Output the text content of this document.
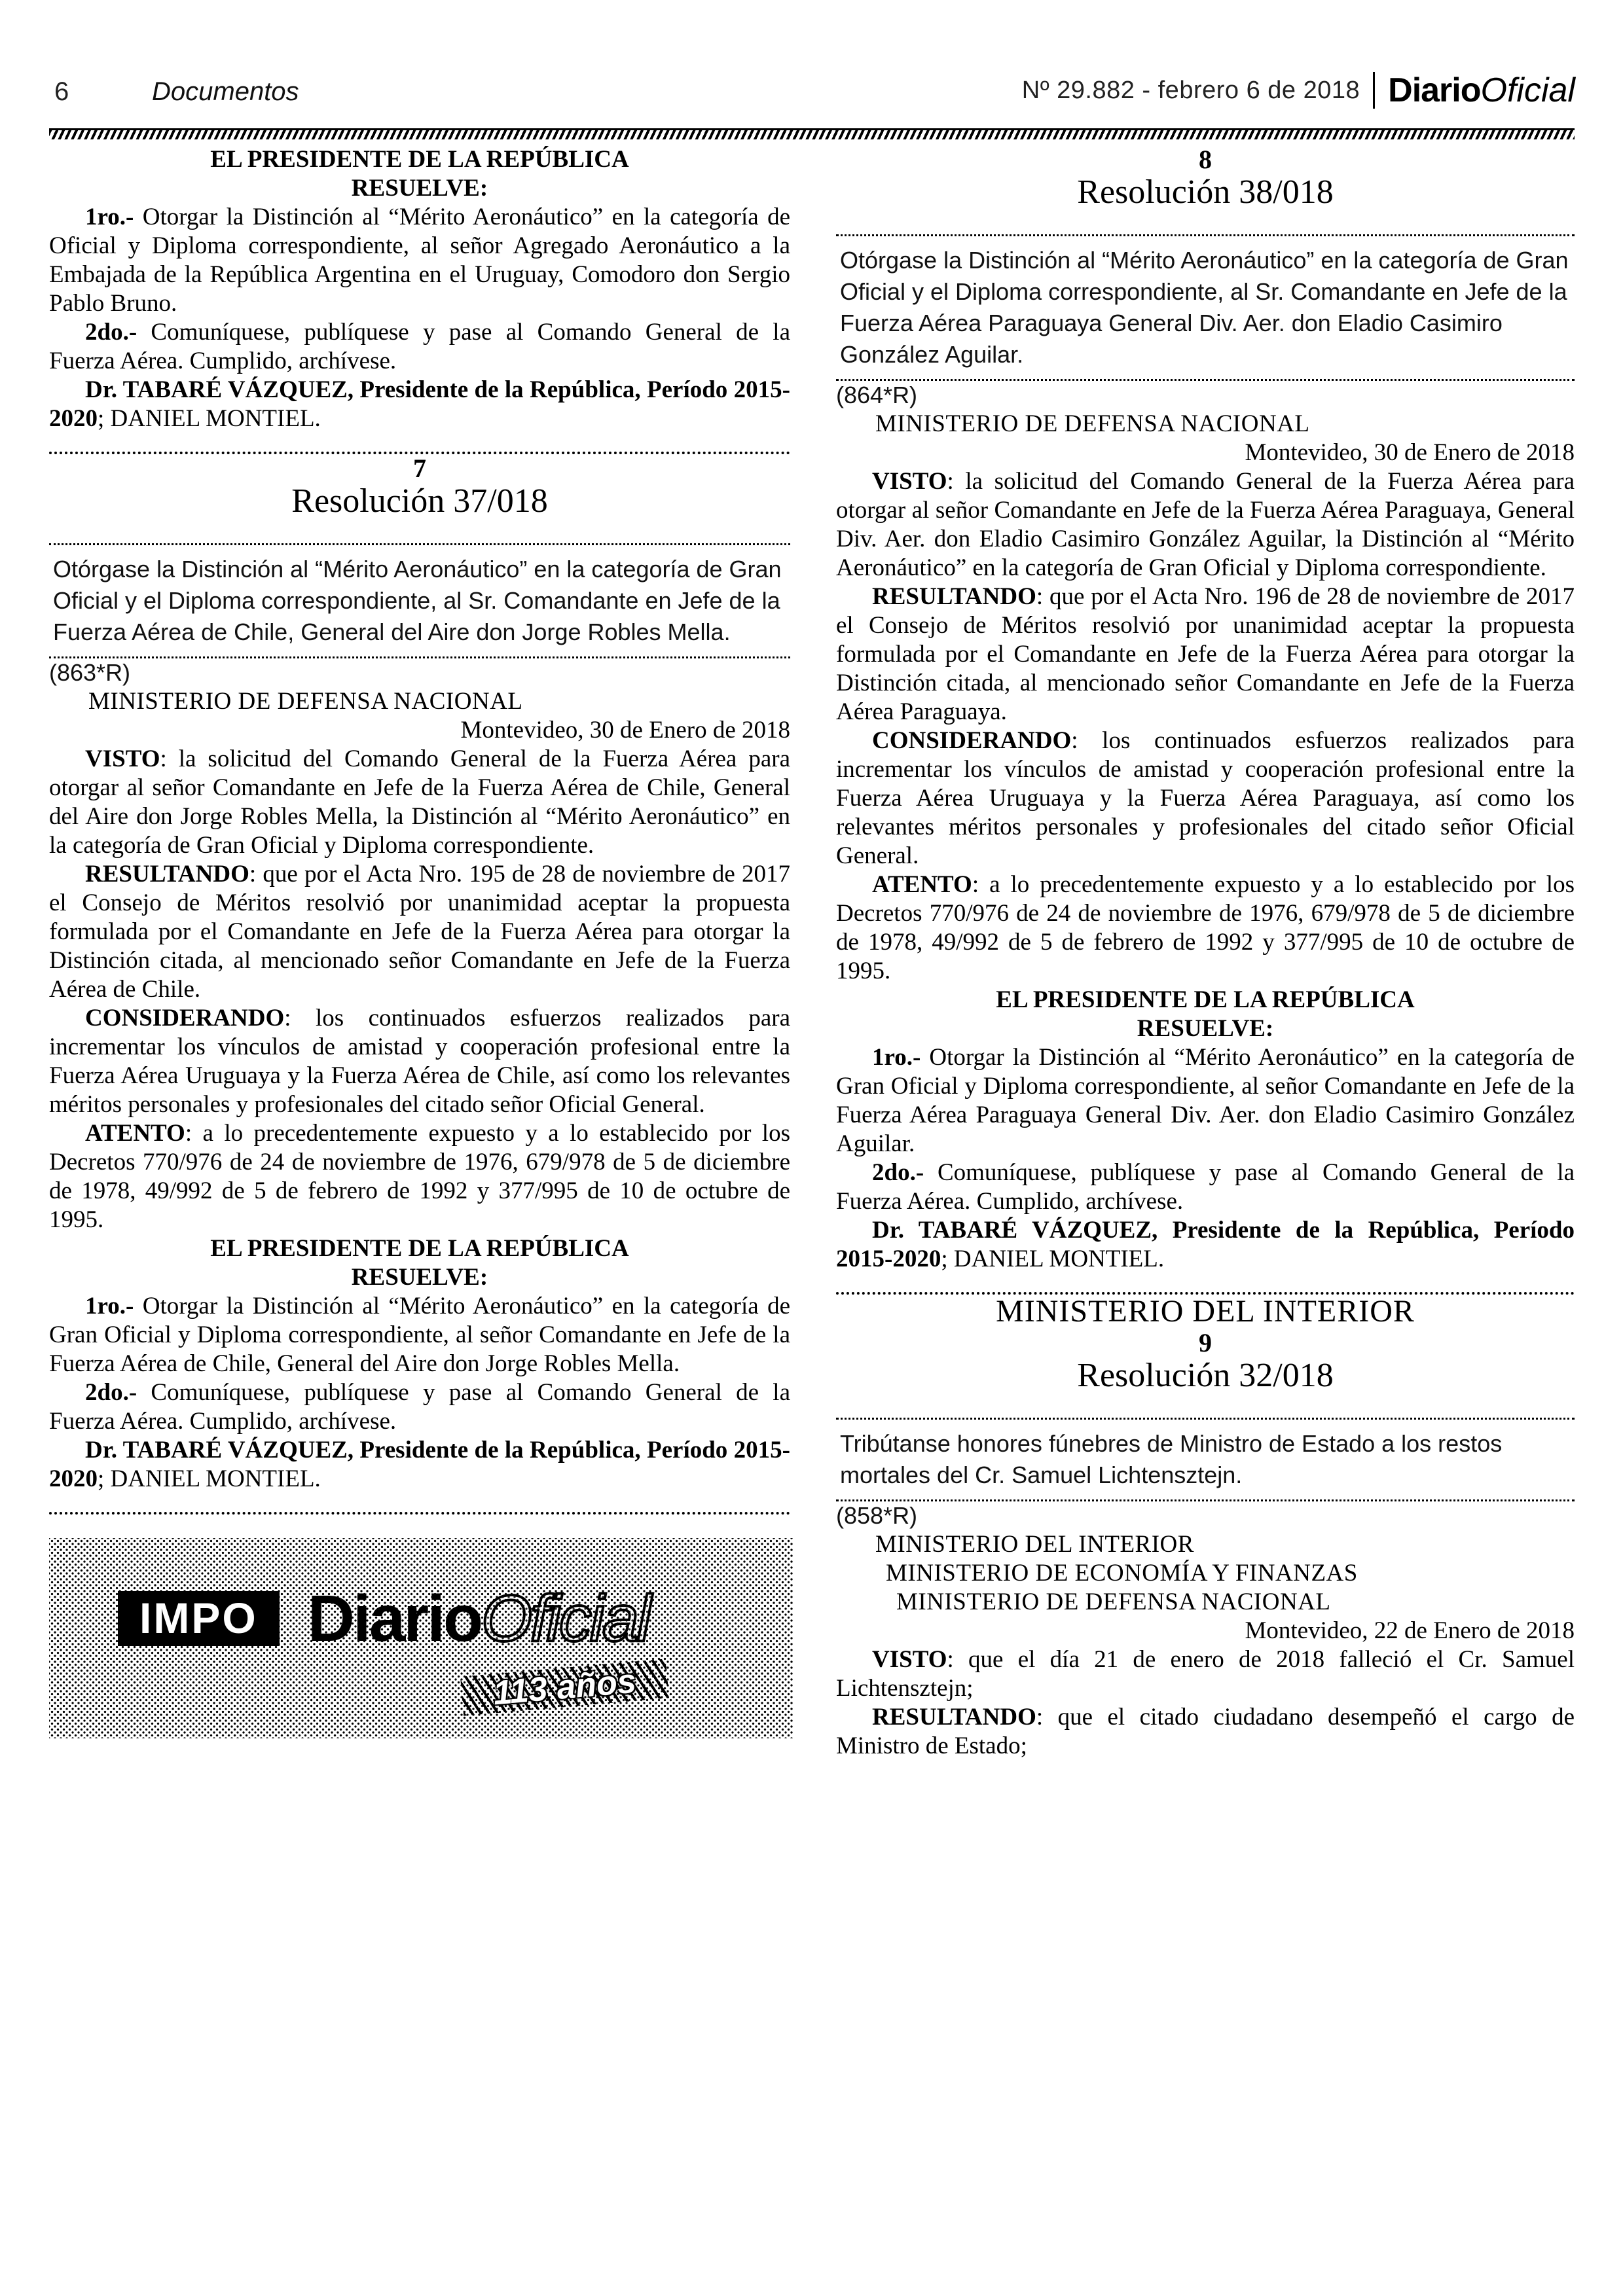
6	Documentos	Nº 29.882 - febrero 6 de 2018 DiarioOficial

EL PRESIDENTE DE LA REPÚBLICA

RESUELVE:

1ro.- Otorgar la Distinción al “Mérito Aeronáutico” en la categoría de Oficial y Diploma correspondiente, al señor Agregado Aeronáutico a la Embajada de la República Argentina en el Uruguay, Comodoro don Sergio Pablo Bruno.

2do.- Comuníquese, publíquese y pase al Comando General de la Fuerza Aérea. Cumplido, archívese.

Dr. TABARÉ VÁZQUEZ, Presidente de la República, Período 2015-2020; DANIEL MONTIEL.

7

Resolución 37/018

Otórgase la Distinción al “Mérito Aeronáutico” en la categoría de Gran Oficial y el Diploma correspondiente, al Sr. Comandante en Jefe de la Fuerza Aérea de Chile, General del Aire don Jorge Robles Mella.

(863*R)

MINISTERIO DE DEFENSA NACIONAL

Montevideo, 30 de Enero de 2018

VISTO: la solicitud del Comando General de la Fuerza Aérea para otorgar al señor Comandante en Jefe de la Fuerza Aérea de Chile, General del Aire don Jorge Robles Mella, la Distinción al “Mérito Aeronáutico” en la categoría de Gran Oficial y Diploma correspondiente.

RESULTANDO: que por el Acta Nro. 195 de 28 de noviembre de 2017 el Consejo de Méritos resolvió por unanimidad aceptar la propuesta formulada por el Comandante en Jefe de la Fuerza Aérea para otorgar la Distinción citada, al mencionado señor Comandante en Jefe de la Fuerza Aérea de Chile.

CONSIDERANDO: los continuados esfuerzos realizados para incrementar los vínculos de amistad y cooperación profesional entre la Fuerza Aérea Uruguaya y la Fuerza Aérea de Chile, así como los relevantes méritos personales y profesionales del citado señor Oficial General.

ATENTO: a lo precedentemente expuesto y a lo establecido por los Decretos 770/976 de 24 de noviembre de 1976, 679/978 de 5 de diciembre de 1978, 49/992 de 5 de febrero de 1992 y 377/995 de 10 de octubre de 1995.

EL PRESIDENTE DE LA REPÚBLICA

RESUELVE:

1ro.- Otorgar la Distinción al “Mérito Aeronáutico” en la categoría de Gran Oficial y Diploma correspondiente, al señor Comandante en Jefe de la Fuerza Aérea de Chile, General del Aire don Jorge Robles Mella.

2do.- Comuníquese, publíquese y pase al Comando General de la Fuerza Aérea. Cumplido, archívese.

Dr. TABARÉ VÁZQUEZ, Presidente de la República, Período 2015-2020; DANIEL MONTIEL.

IMPO DiarioOficial
113 años

8

Resolución 38/018

Otórgase la Distinción al “Mérito Aeronáutico” en la categoría de Gran Oficial y el Diploma correspondiente, al Sr. Comandante en Jefe de la Fuerza Aérea Paraguaya General Div. Aer. don Eladio Casimiro González Aguilar.

(864*R)

MINISTERIO DE DEFENSA NACIONAL

Montevideo, 30 de Enero de 2018

VISTO: la solicitud del Comando General de la Fuerza Aérea para otorgar al señor Comandante en Jefe de la Fuerza Aérea Paraguaya, General Div. Aer. don Eladio Casimiro González Aguilar, la Distinción al “Mérito Aeronáutico” en la categoría de Gran Oficial y Diploma correspondiente.

RESULTANDO: que por el Acta Nro. 196 de 28 de noviembre de 2017 el Consejo de Méritos resolvió por unanimidad aceptar la propuesta formulada por el Comandante en Jefe de la Fuerza Aérea para otorgar la Distinción citada, al mencionado señor Comandante en Jefe de la Fuerza Aérea Paraguaya.

CONSIDERANDO: los continuados esfuerzos realizados para incrementar los vínculos de amistad y cooperación profesional entre la Fuerza Aérea Uruguaya y la Fuerza Aérea Paraguaya, así como los relevantes méritos personales y profesionales del citado señor Oficial General.

ATENTO: a lo precedentemente expuesto y a lo establecido por los Decretos 770/976 de 24 de noviembre de 1976, 679/978 de 5 de diciembre de 1978, 49/992 de 5 de febrero de 1992 y 377/995 de 10 de octubre de 1995.

EL PRESIDENTE DE LA REPÚBLICA

RESUELVE:

1ro.- Otorgar la Distinción al “Mérito Aeronáutico” en la categoría de Gran Oficial y Diploma correspondiente, al señor Comandante en Jefe de la Fuerza Aérea Paraguaya General Div. Aer. don Eladio Casimiro González Aguilar.

2do.- Comuníquese, publíquese y pase al Comando General de la Fuerza Aérea. Cumplido, archívese.

Dr. TABARÉ VÁZQUEZ, Presidente de la República, Período 2015-2020; DANIEL MONTIEL.

MINISTERIO DEL INTERIOR

9

Resolución 32/018

Tribútanse honores fúnebres de Ministro de Estado a los restos mortales del Cr. Samuel Lichtensztejn.

(858*R)

MINISTERIO DEL INTERIOR

MINISTERIO DE ECONOMÍA Y FINANZAS

MINISTERIO DE DEFENSA NACIONAL

Montevideo, 22 de Enero de 2018

VISTO: que el día 21 de enero de 2018 falleció el Cr. Samuel Lichtensztejn;

RESULTANDO: que el citado ciudadano desempeñó el cargo de Ministro de Estado;
